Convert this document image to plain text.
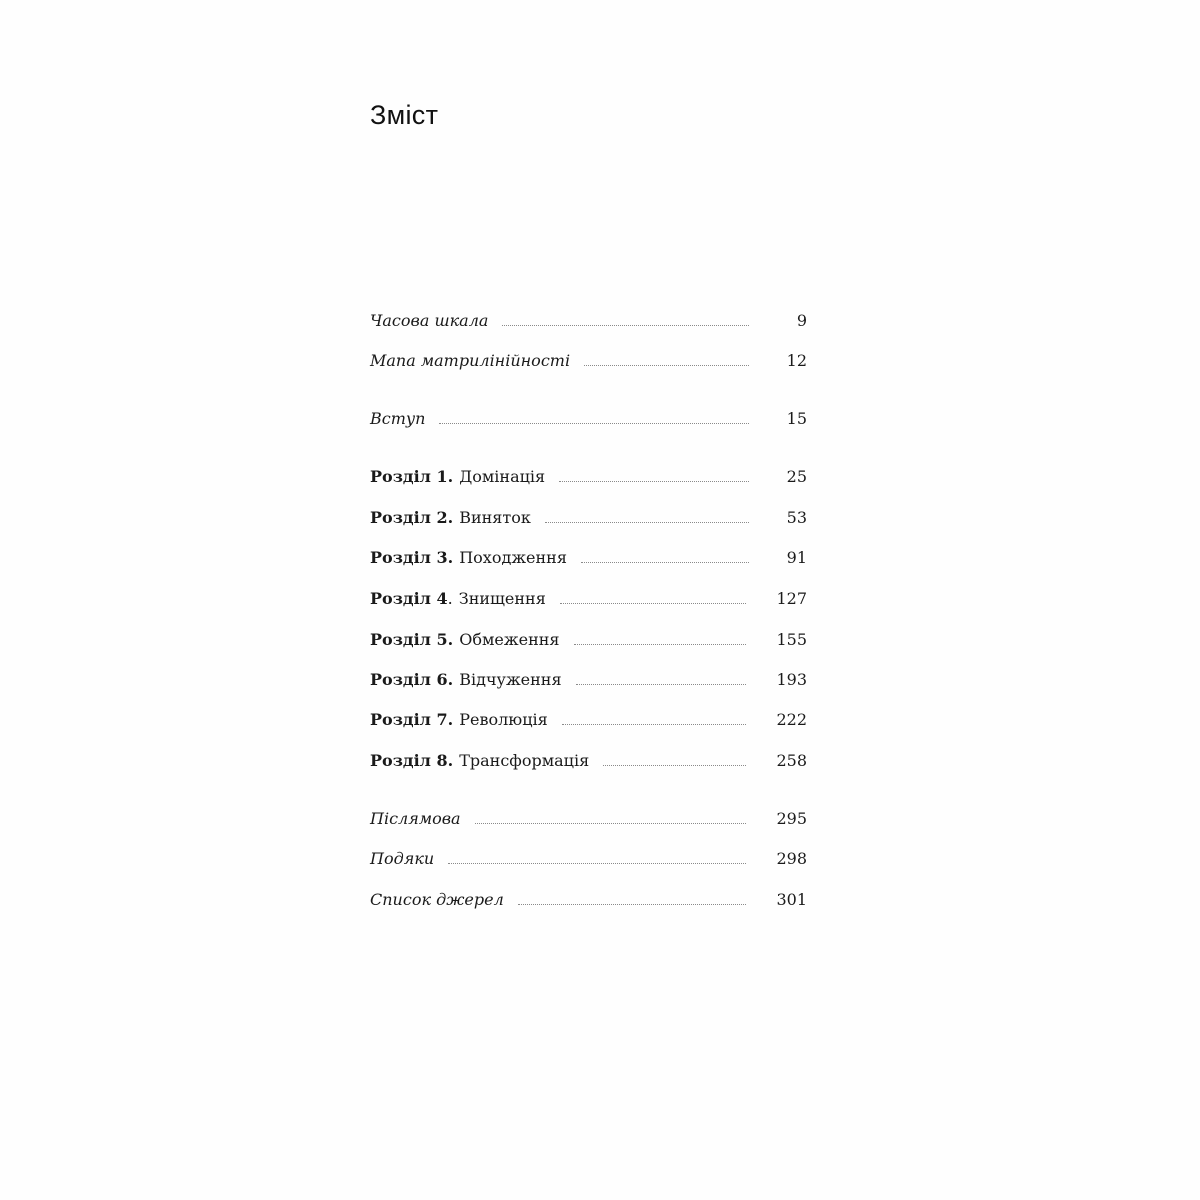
Зміст
Часова шкала	9
Мапа матрилінійності	12
Вступ	15
Розділ 1. Домінація	25
Розділ 2. Виняток	53
Розділ 3. Походження	91
Розділ 4. Знищення	127
Розділ 5. Обмеження	155
Розділ 6. Відчуження	193
Розділ 7. Революція	222
Розділ 8. Трансформація	258
Післямова	295
Подяки	298
Список джерел	301
